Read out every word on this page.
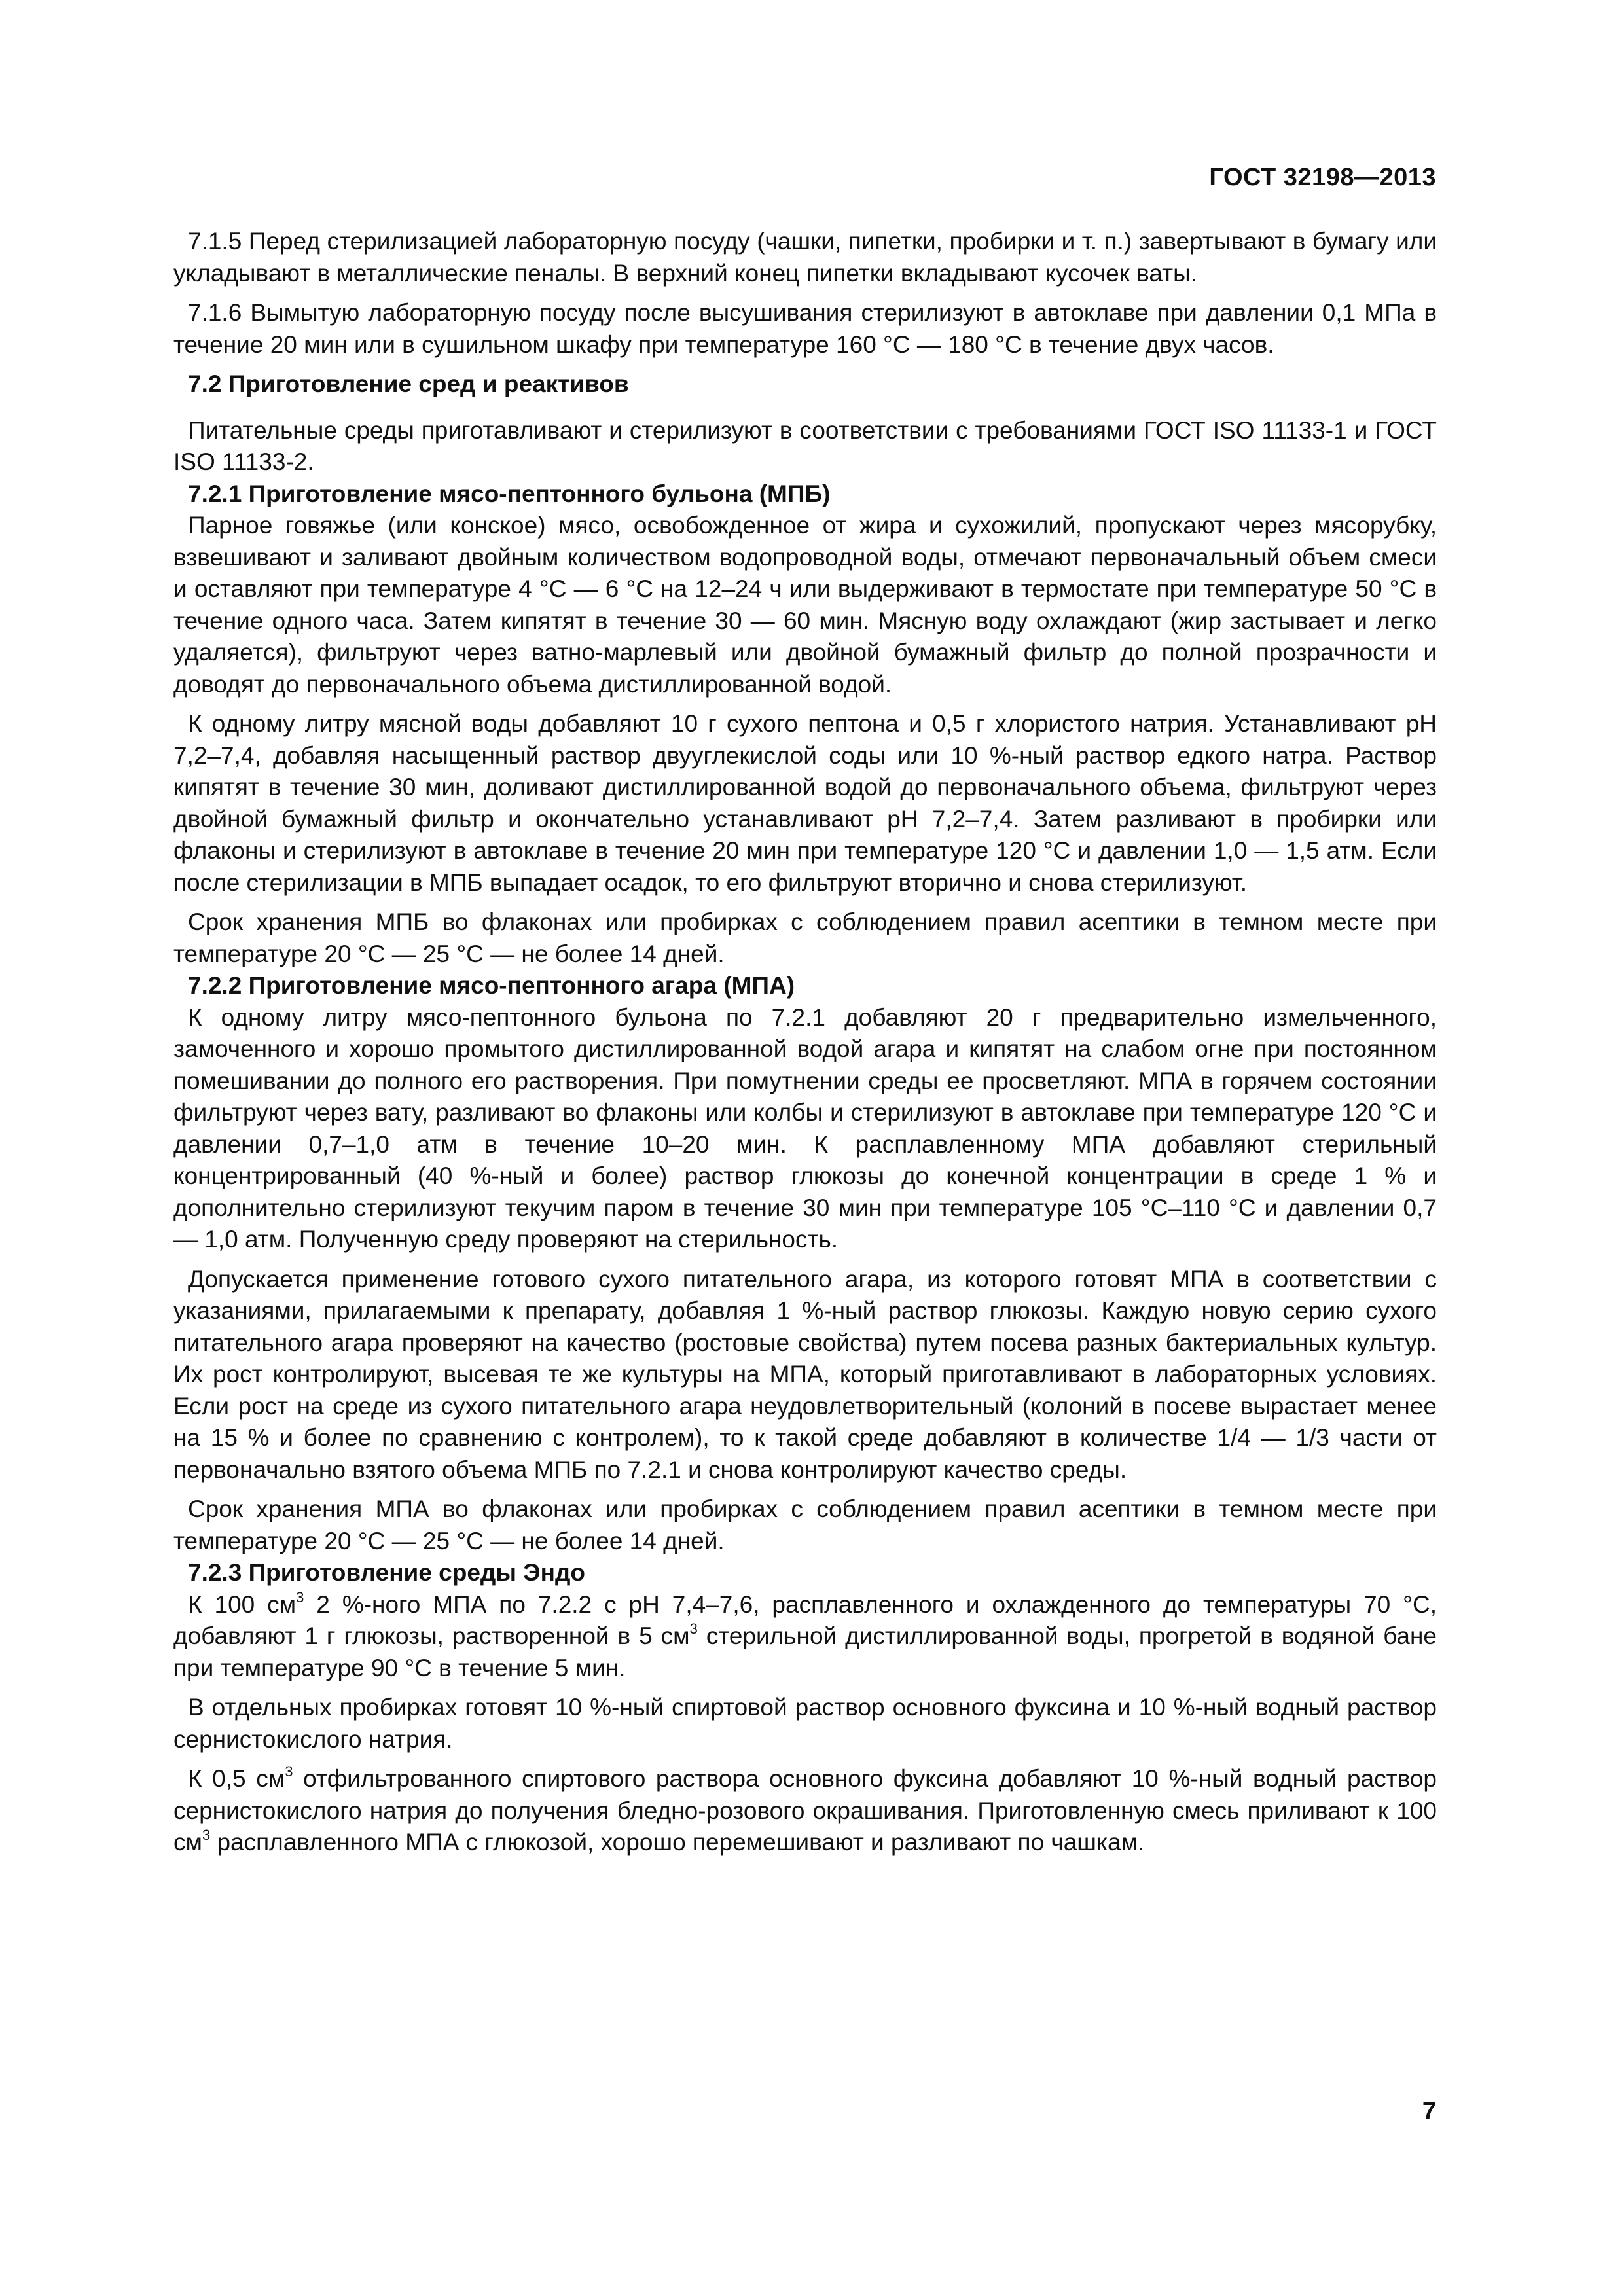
ГОСТ 32198—2013

7.1.5 Перед стерилизацией лабораторную посуду (чашки, пипетки, пробирки и т. п.) завертывают в бумагу или укладывают в металлические пеналы. В верхний конец пипетки вкладывают кусочек ваты.

7.1.6 Вымытую лабораторную посуду после высушивания стерилизуют в автоклаве при давлении 0,1 МПа в течение 20 мин или в сушильном шкафу при температуре 160 °С — 180 °С в течение двух часов.

7.2 Приготовление сред и реактивов

Питательные среды приготавливают и стерилизуют в соответствии с требованиями ГОСТ ISO 11133-1 и ГОСТ ISO 11133-2.

7.2.1 Приготовление мясо-пептонного бульона (МПБ)

Парное говяжье (или конское) мясо, освобожденное от жира и сухожилий, пропускают через мясорубку, взвешивают и заливают двойным количеством водопроводной воды, отмечают первоначальный объем смеси и оставляют при температуре 4 °С — 6 °С на 12–24 ч или выдерживают в термостате при температуре 50 °С в течение одного часа. Затем кипятят в течение 30 — 60 мин. Мясную воду охлаждают (жир застывает и легко удаляется), фильтруют через ватно-марлевый или двойной бумажный фильтр до полной прозрачности и доводят до первоначального объема дистиллированной водой.

К одному литру мясной воды добавляют 10 г сухого пептона и 0,5 г хлористого натрия. Устанавливают pH 7,2–7,4, добавляя насыщенный раствор двууглекислой соды или 10 %-ный раствор едкого натра. Раствор кипятят в течение 30 мин, доливают дистиллированной водой до первоначального объема, фильтруют через двойной бумажный фильтр и окончательно устанавливают pH 7,2–7,4. Затем разливают в пробирки или флаконы и стерилизуют в автоклаве в течение 20 мин при температуре 120 °С и давлении 1,0 — 1,5 атм. Если после стерилизации в МПБ выпадает осадок, то его фильтруют вторично и снова стерилизуют.

Срок хранения МПБ во флаконах или пробирках с соблюдением правил асептики в темном месте при температуре 20 °С — 25 °С — не более 14 дней.

7.2.2 Приготовление мясо-пептонного агара (МПА)

К одному литру мясо-пептонного бульона по 7.2.1 добавляют 20 г предварительно измельченного, замоченного и хорошо промытого дистиллированной водой агара и кипятят на слабом огне при постоянном помешивании до полного его растворения. При помутнении среды ее просветляют. МПА в горячем состоянии фильтруют через вату, разливают во флаконы или колбы и стерилизуют в автоклаве при температуре 120 °С и давлении 0,7–1,0 атм в течение 10–20 мин. К расплавленному МПА добавляют стерильный концентрированный (40 %-ный и более) раствор глюкозы до конечной концентрации в среде 1 % и дополнительно стерилизуют текучим паром в течение 30 мин при температуре 105 °С–110 °С и давлении 0,7 — 1,0 атм. Полученную среду проверяют на стерильность.

Допускается применение готового сухого питательного агара, из которого готовят МПА в соответствии с указаниями, прилагаемыми к препарату, добавляя 1 %-ный раствор глюкозы. Каждую новую серию сухого питательного агара проверяют на качество (ростовые свойства) путем посева разных бактериальных культур. Их рост контролируют, высевая те же культуры на МПА, который приготавливают в лабораторных условиях. Если рост на среде из сухого питательного агара неудовлетворительный (колоний в посеве вырастает менее на 15 % и более по сравнению с контролем), то к такой среде добавляют в количестве 1/4 — 1/3 части от первоначально взятого объема МПБ по 7.2.1 и снова контролируют качество среды.

Срок хранения МПА во флаконах или пробирках с соблюдением правил асептики в темном месте при температуре 20 °С — 25 °С — не более 14 дней.

7.2.3 Приготовление среды Эндо

К 100 $см^3$ 2 %-ного МПА по 7.2.2 с pH 7,4–7,6, расплавленного и охлажденного до температуры 70 °С, добавляют 1 г глюкозы, растворенной в 5 $см^3$ стерильной дистиллированной воды, прогретой в водяной бане при температуре 90 °С в течение 5 мин.

В отдельных пробирках готовят 10 %-ный спиртовой раствор основного фуксина и 10 %-ный водный раствор сернистокислого натрия.

К 0,5 $см^3$ отфильтрованного спиртового раствора основного фуксина добавляют 10 %-ный водный раствор сернистокислого натрия до получения бледно-розового окрашивания. Приготовленную смесь приливают к 100 $см^3$ расплавленного МПА с глюкозой, хорошо перемешивают и разливают по чашкам.

7
